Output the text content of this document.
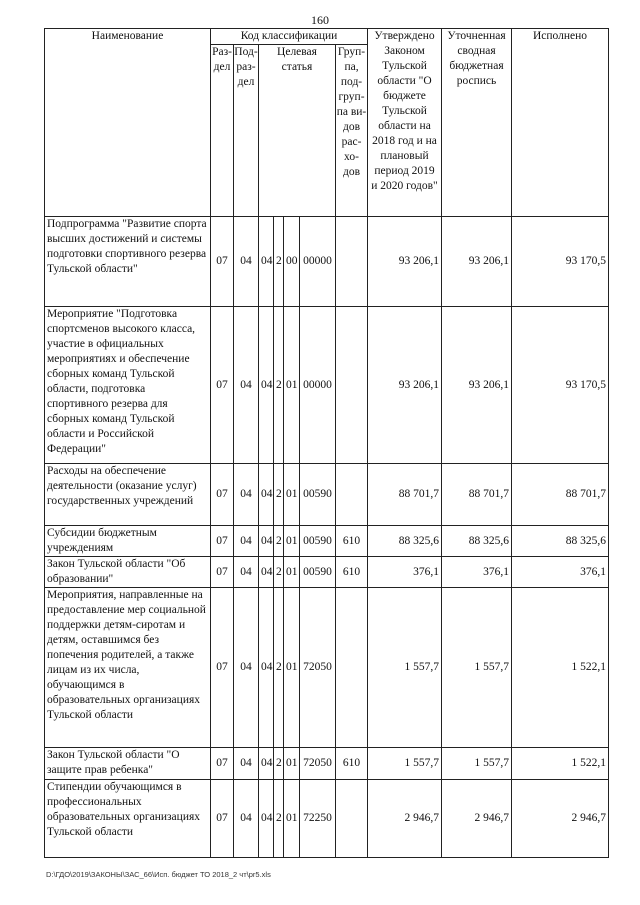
160
Наименование	Код классификации							Утверждено Законом Тульской области "О бюджете Тульской области на 2018 год и на плановый период 2019 и 2020 годов"	Уточненная сводная бюджетная роспись	Исполнено
	Раз-дел	Под-раз-дел	Целевая статья				Груп-па, под-груп-па ви-дов рас-хо-дов			
Подпрограмма "Развитие спорта высших достижений и системы подготовки спортивного резерва Тульской области"	07	04	04	2	00	00000		93 206,1	93 206,1	93 170,5
Мероприятие "Подготовка спортсменов высокого класса, участие в официальных мероприятиях и обеспечение сборных команд Тульской области, подготовка спортивного резерва для сборных команд Тульской области и Российской Федерации"	07	04	04	2	01	00000		93 206,1	93 206,1	93 170,5
Расходы на обеспечение деятельности (оказание услуг) государственных учреждений	07	04	04	2	01	00590		88 701,7	88 701,7	88 701,7
Субсидии бюджетным учреждениям	07	04	04	2	01	00590	610	88 325,6	88 325,6	88 325,6
Закон Тульской области "Об образовании"	07	04	04	2	01	00590	610	376,1	376,1	376,1
Мероприятия, направленные на предоставление мер социальной поддержки детям-сиротам и детям, оставшимся без попечения родителей, а также лицам из их числа, обучающимся в образовательных организациях Тульской области	07	04	04	2	01	72050		1 557,7	1 557,7	1 522,1
Закон Тульской области "О защите прав ребенка"	07	04	04	2	01	72050	610	1 557,7	1 557,7	1 522,1
Стипендии обучающимся в профессиональных образовательных организациях Тульской области	07	04	04	2	01	72250		2 946,7	2 946,7	2 946,7
D:\ГДО\2019\ЗАКОНЫ\ЗАС_66\Исп. бюджет ТО 2018_2 чт\pr5.xls
